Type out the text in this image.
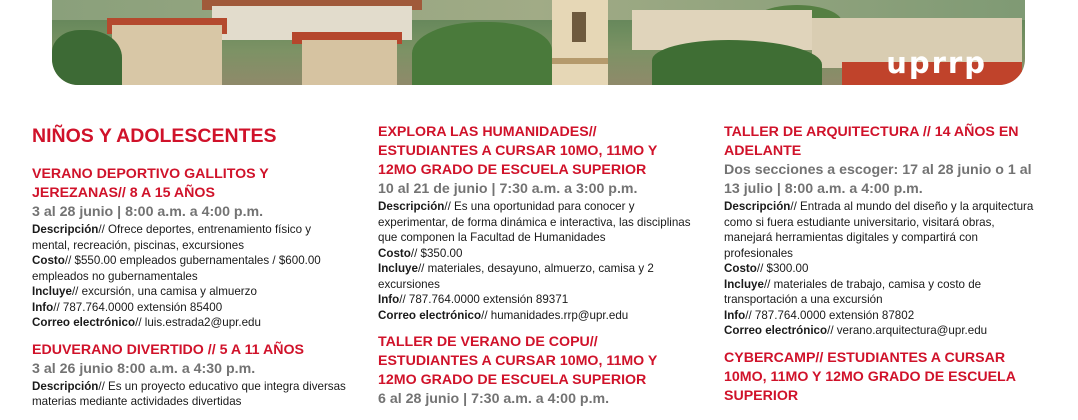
uprrp
NIÑOS Y ADOLESCENTES
VERANO DEPORTIVO GALLITOS Y JEREZANAS// 8 A 15 AÑOS
3 al 28 junio | 8:00 a.m. a 4:00 p.m.

Descripción// Ofrece deportes, entrenamiento físico y mental, recreación, piscinas, excursiones

Costo// $550.00 empleados gubernamentales / $600.00 empleados no gubernamentales

Incluye// excursión, una camisa y almuerzo

Info// 787.764.0000 extensión 85400

Correo electrónico// luis.estrada2@upr.edu

EDUVERANO DIVERTIDO // 5 A 11 AÑOS
3 al 26 junio 8:00 a.m. a 4:30 p.m.

Descripción// Es un proyecto educativo que integra diversas materias mediante actividades divertidas

EXPLORA LAS HUMANIDADES// ESTUDIANTES A CURSAR 10MO, 11MO Y 12MO GRADO DE ESCUELA SUPERIOR
10 al 21 de junio | 7:30 a.m. a 3:00 p.m.

Descripción// Es una oportunidad para conocer y experimentar, de forma dinámica e interactiva, las disciplinas que componen la Facultad de Humanidades

Costo// $350.00

Incluye// materiales, desayuno, almuerzo, camisa y 2 excursiones

Info// 787.764.0000 extensión 89371

Correo electrónico// humanidades.rrp@upr.edu

TALLER DE VERANO DE COPU// ESTUDIANTES A CURSAR 10MO, 11MO Y 12MO GRADO DE ESCUELA SUPERIOR
6 al 28 junio | 7:30 a.m. a 4:00 p.m.
TALLER DE ARQUITECTURA // 14 AÑOS EN ADELANTE
Dos secciones a escoger: 17 al 28 junio o 1 al 13 julio | 8:00 a.m. a 4:00 p.m.

Descripción// Entrada al mundo del diseño y la arquitectura como si fuera estudiante universitario, visitará obras, manejará herramientas digitales y compartirá con profesionales

Costo// $300.00

Incluye// materiales de trabajo, camisa y costo de transportación a una excursión

Info// 787.764.0000 extensión 87802

Correo electrónico// verano.arquitectura@upr.edu

CYBERCAMP// ESTUDIANTES A CURSAR 10MO, 11MO Y 12MO GRADO DE ESCUELA SUPERIOR
